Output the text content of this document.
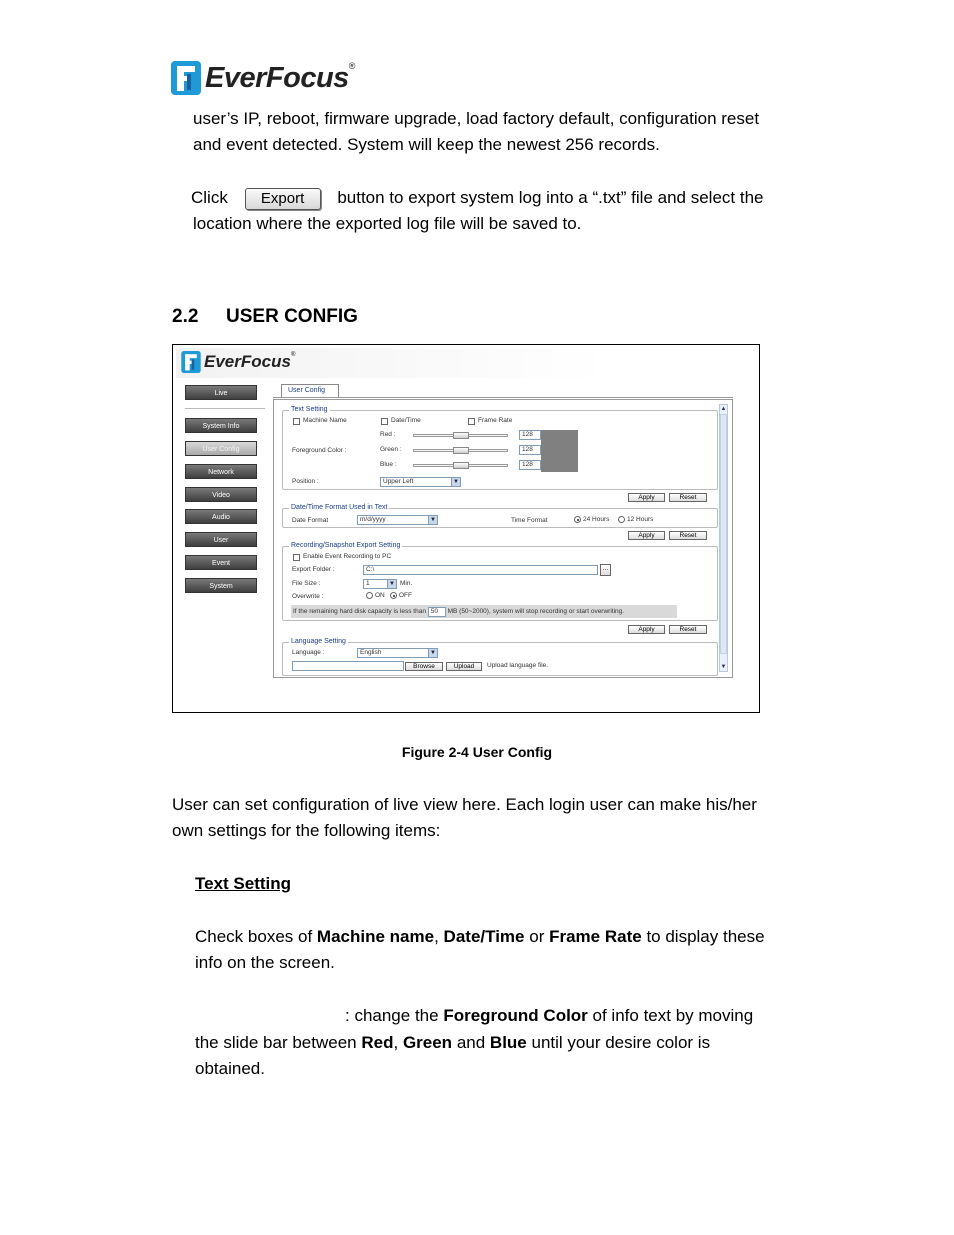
EverFocus ®
user’s IP, reboot, firmware upgrade, load factory default, configuration reset
and event detected. System will keep the newest 256 records.
Click Export button to export system log into a “.txt” file and select the
location where the exported log file will be saved to.
2.2 USER CONFIG
EverFocus ®
Live
System Info
User Config
Network
Video
Audio
User
Event
System
User Config
▲
▼
Text Setting
Machine Name	Date/Time	Frame Rate
Foreground Color :
Red :
Green :
Blue :
128
128
128
Position :	Upper Left	▼
Apply	Reset
Date/Time Format Used in Text
Date Format	m/d/yyyy	▼	Time Format	24 Hours	12 Hours
Apply	Reset
Recording/Snapshot Export Setting
Enable Event Recording to PC
Export Folder :	C:\	...
File Size :	1	▼ Min.
Overwrite :	ON	OFF
If the remaining hard disk capacity is less than 50 MB (50~2000), system will stop recording or start overwriting.
Apply	Reset
Language Setting
Language :	English	▼
Browse	Upload	Upload language file.
Figure 2-4 User Config
User can set configuration of live view here. Each login user can make his/her
own settings for the following items:
Text Setting
Check boxes of Machine name, Date/Time or Frame Rate to display these
info on the screen.
: change the Foreground Color of info text by moving
the slide bar between Red, Green and Blue until your desire color is
obtained.
